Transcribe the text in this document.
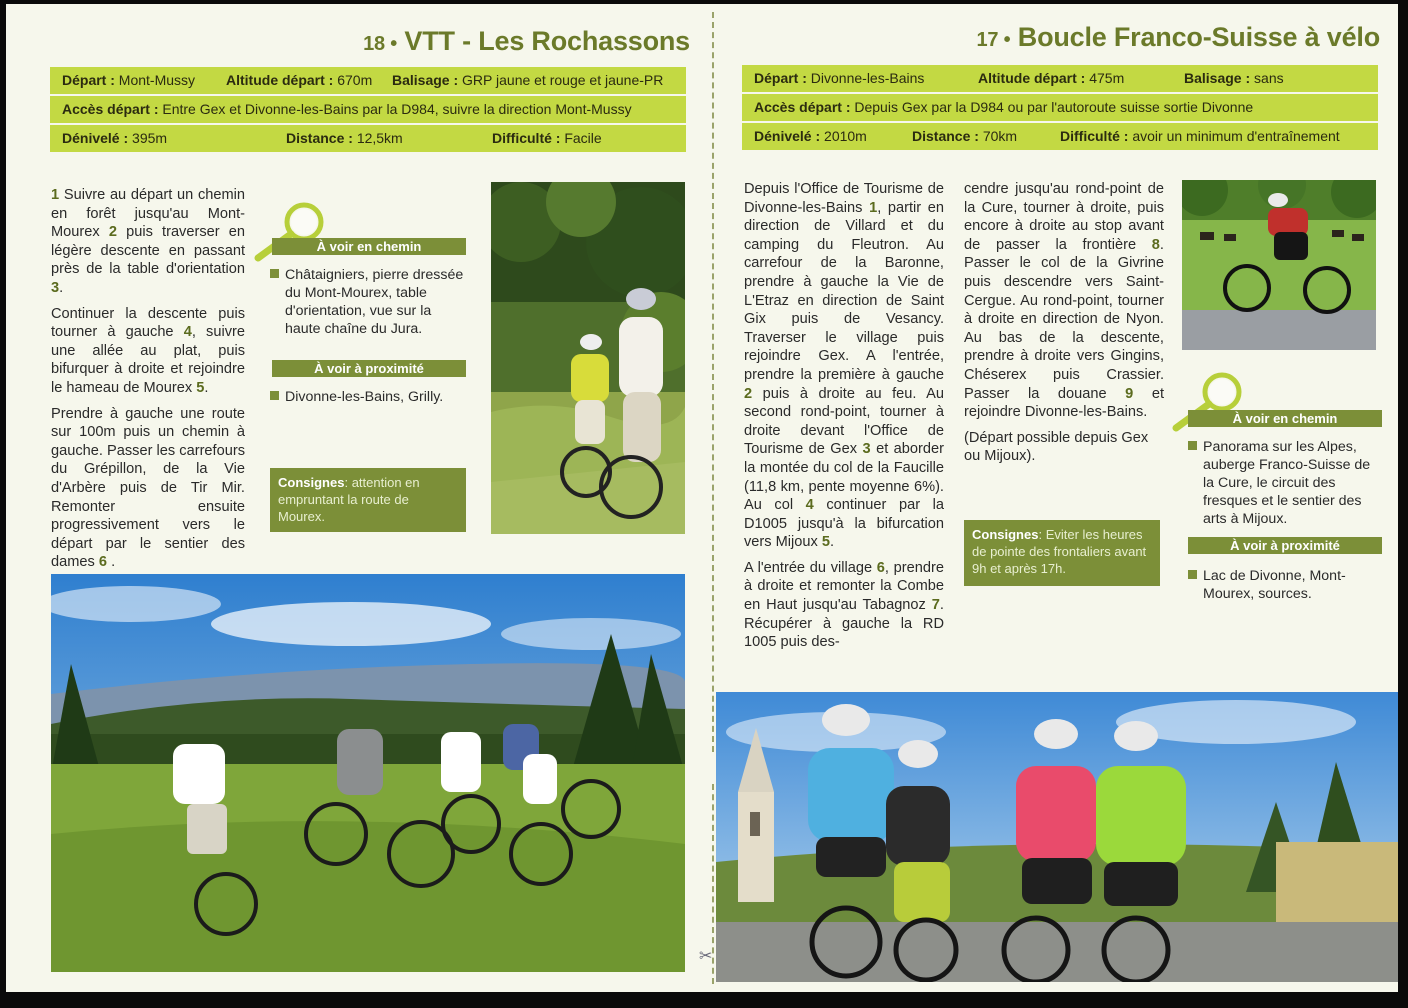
18 • VTT - Les Rochassons
Départ : Mont-Mussy Altitude départ : 670m Balisage : GRP jaune et rouge et jaune-PR
Accès départ : Entre Gex et Divonne-les-Bains par la D984, suivre la direction Mont-Mussy
Dénivelé : 395m	Distance : 12,5km	Difficulté : Facile

1 Suivre au départ un chemin en forêt jusqu'au Mont-Mourex 2 puis traverser en légère descente en passant près de la table d'orientation 3.

Continuer la descente puis tourner à gauche 4, suivre une allée au plat, puis bifurquer à droite et rejoindre le hameau de Mourex 5.

Prendre à gauche une route sur 100m puis un chemin à gauche. Passer les carrefours du Grépillon, de la Vie d'Arbère puis de Tir Mir. Remonter ensuite progressivement vers le départ par le sentier des dames 6 .

À voir en chemin
Châtaigniers, pierre dressée du Mont-Mourex, table d'orientation, vue sur la haute chaîne du Jura.
À voir à proximité
Divonne-les-Bains, Grilly.
Consignes: attention en empruntant la route de Mourex.
✂
17 • Boucle Franco-Suisse à vélo
Départ : Divonne-les-Bains	Altitude départ : 475m	Balisage : sans
Accès départ : Depuis Gex par la D984 ou par l'autoroute suisse sortie Divonne
Dénivelé : 2010m	Distance : 70km	Difficulté : avoir un minimum d'entraînement

Depuis l'Office de Tourisme de Divonne-les-Bains 1, partir en direction de Villard et du camping du Fleutron. Au carrefour de la Baronne, prendre à gauche la Vie de L'Etraz en direction de Saint Gix puis de Vesancy. Traverser le village puis rejoindre Gex. A l'entrée, prendre la première à gauche 2 puis à droite au feu. Au second rond-point, tourner à droite devant l'Office de Tourisme de Gex 3 et aborder la montée du col de la Faucille (11,8 km, pente moyenne 6%). Au col 4 continuer par la D1005 jusqu'à la bifurcation vers Mijoux 5.

A l'entrée du village 6, prendre à droite et remonter la Combe en Haut jusqu'au Tabagnoz 7. Récupérer à gauche la RD 1005 puis des-

cendre jusqu'au rond-point de la Cure, tourner à droite, puis encore à droite au stop avant de passer la frontière 8. Passer le col de la Givrine puis descendre vers Saint-Cergue. Au rond-point, tourner à droite en direction de Nyon. Au bas de la descente, prendre à droite vers Gingins, Chéserex puis Crassier. Passer la douane 9 et rejoindre Divonne-les-Bains.

(Départ possible depuis Gex ou Mijoux).

Consignes: Eviter les heures de pointe des frontaliers avant 9h et après 17h.
À voir en chemin
Panorama sur les Alpes, auberge Franco-Suisse de la Cure, le circuit des fresques et le sentier des arts à Mijoux.
À voir à proximité
Lac de Divonne, Mont-Mourex, sources.
